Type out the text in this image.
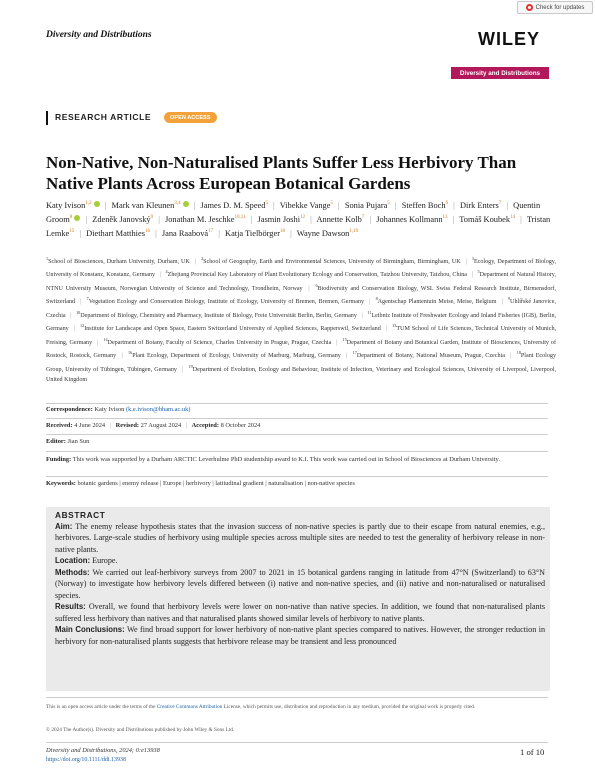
Check for updates
Diversity and Distributions	WILEY
Diversity and Distributions
RESEARCH ARTICLE	OPEN ACCESS
Non-Native, Non-Naturalised Plants Suffer Less Herbivory Than Native Plants Across European Botanical Gardens
Katy Ivison$^{1,2}$ | Mark van Kleunen$^{3,4}$ | James D. M. Speed$^5$ | Vibekke Vange$^5$ | Sonia Pujara$^5$ | Steffen Boch$^6$ | Dirk Enters$^7$ | Quentin Groom$^8$ | Zdeněk Janovský$^9$ | Jonathan M. Jeschke$^{10,11}$ | Jasmin Joshi$^{12}$ | Annette Kolb$^7$ | Johannes Kollmann$^{13}$ | Tomáš Koubek$^{14}$ | Tristan Lemke$^{15}$ | Diethart Matthies$^{16}$ | Jana Raabová$^{17}$ | Katja Tielbörger$^{18}$ | Wayne Dawson$^{1,19}$
$^1$School of Biosciences, Durham University, Durham, UK | $^2$School of Geography, Earth and Environmental Sciences, University of Birmingham, Birmingham, UK | $^3$Ecology, Department of Biology, University of Konstanz, Konstanz, Germany | $^4$Zhejiang Provincial Key Laboratory of Plant Evolutionary Ecology and Conservation, Taizhou University, Taizhou, China | $^5$Department of Natural History, NTNU University Museum, Norwegian University of Science and Technology, Trondheim, Norway | $^6$Biodiversity and Conservation Biology, WSL Swiss Federal Research Institute, Birmensdorf, Switzerland | $^7$Vegetation Ecology and Conservation Biology, Institute of Ecology, University of Bremen, Bremen, Germany | $^8$Agentschap Plantentuin Meise, Meise, Belgium | $^9$Uhlířské Janovice, Czechia | $^{10}$Department of Biology, Chemistry and Pharmacy, Institute of Biology, Freie Universität Berlin, Berlin, Germany | $^{11}$Leibniz Institute of Freshwater Ecology and Inland Fisheries (IGB), Berlin, Germany | $^{12}$Institute for Landscape and Open Space, Eastern Switzerland University of Applied Sciences, Rapperswil, Switzerland | $^{13}$TUM School of Life Sciences, Technical University of Munich, Freising, Germany | $^{14}$Department of Botany, Faculty of Science, Charles University in Prague, Prague, Czechia | $^{15}$Department of Botany and Botanical Garden, Institute of Biosciences, University of Rostock, Rostock, Germany | $^{16}$Plant Ecology, Department of Ecology, University of Marburg, Marburg, Germany | $^{17}$Department of Botany, National Museum, Prague, Czechia | $^{18}$Plant Ecology Group, University of Tübingen, Tübingen, Germany | $^{19}$Department of Evolution, Ecology and Behaviour, Institute of Infection, Veterinary and Ecological Sciences, University of Liverpool, Liverpool, United Kingdom
Correspondence: Katy Ivison (k.e.ivison@bham.ac.uk)
Received: 4 June 2024 | Revised: 27 August 2024 | Accepted: 8 October 2024
Editor: Jian Sun
Funding: This work was supported by a Durham ARCTIC Leverhulme PhD studentship award to K.I. This work was carried out in School of Biosciences at Durham University.
Keywords: botanic gardens | enemy release | Europe | herbivory | latitudinal gradient | naturalisation | non-native species
ABSTRACT

Aim: The enemy release hypothesis states that the invasion success of non-native species is partly due to their escape from natural enemies, e.g., herbivores. Large-scale studies of herbivory using multiple species across multiple sites are needed to test the generality of herbivory release in non-native plants.

Location: Europe.

Methods: We carried out leaf-herbivory surveys from 2007 to 2021 in 15 botanical gardens ranging in latitude from 47°N (Switzerland) to 63°N (Norway) to investigate how herbivory levels differed between (i) native and non-native species, and (ii) native and non-naturalised or naturalised species.

Results: Overall, we found that herbivory levels were lower on non-native than native species. In addition, we found that non-naturalised plants suffered less herbivory than natives and that naturalised plants showed similar levels of herbivory to native plants.

Main Conclusions: We find broad support for lower herbivory of non-native plant species compared to natives. However, the stronger reduction in herbivory for non-naturalised plants suggests that herbivore release may be transient and less pronounced

This is an open access article under the terms of the Creative Commons Attribution License, which permits use, distribution and reproduction in any medium, provided the original work is properly cited.
© 2024 The Author(s). Diversity and Distributions published by John Wiley & Sons Ltd.
Diversity and Distributions, 2024; 0:e13938
https://doi.org/10.1111/ddi.13938
1 of 10
